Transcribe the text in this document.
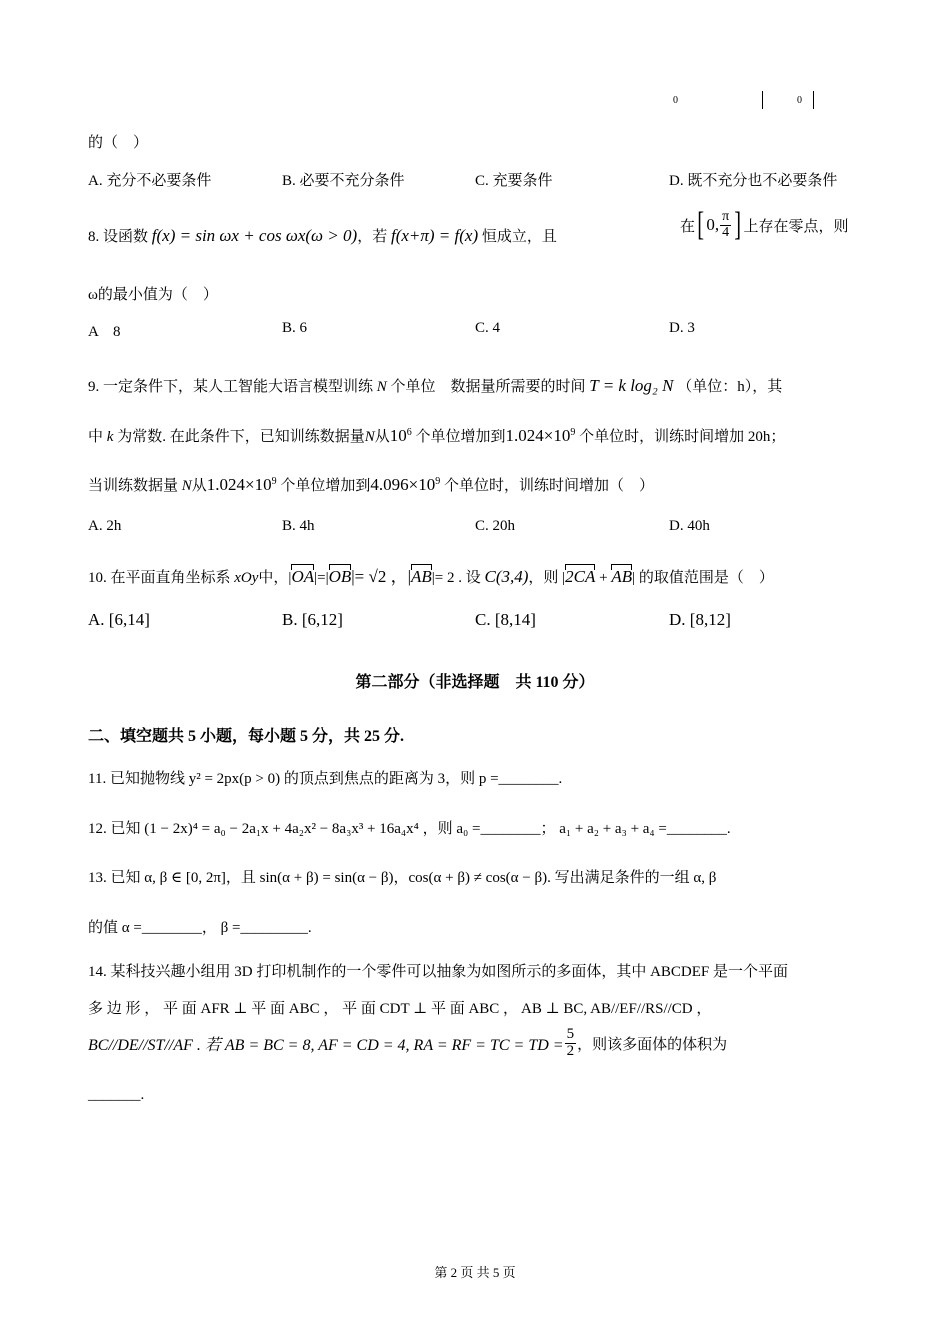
0	0
的（　）
A. 充分不必要条件	B. 必要不充分条件	C. 充要条件	D. 既不充分也不必要条件
8. 设函数 f(x) = sin ωx + cos ωx(ω > 0)，若 f(x+π) = f(x) 恒成立，且
在 [ 0, $\frac{\pi}{4}$ ] 上存在零点，则
ω的最小值为（　）
A　8	B. 6	C. 4	D. 3
9. 一定条件下，某人工智能大语言模型训练 N 个单位　数据量所需要的时间 T = k log₂ N （单位：h），其
中 k 为常数. 在此条件下，已知训练数据量N从$10^6$ 个单位增加到$1.024\times 10^9$ 个单位时，训练时间增加 20h；
当训练数据量 N从$1.024\times 10^9$ 个单位增加到$4.096\times 10^9$ 个单位时，训练时间增加（　）
A. 2h	B. 4h	C. 20h	D. 40h
10. 在平面直角坐标系 xOy中，|OA|=|OB|= √2 ，|AB|= 2 . 设 C(3,4)，则 |2CA + AB| 的取值范围是（　）
A. [6,14]	B. [6,12]	C. [8,14]	D. [8,12]
第二部分（非选择题　共 110 分）
二、填空题共 5 小题，每小题 5 分，共 25 分.
11. 已知抛物线 y² = 2px(p > 0) 的顶点到焦点的距离为 3，则 p =________.
12. 已知 (1 − 2x)⁴ = a₀ − 2a₁x + 4a₂x² − 8a₃x³ + 16a₄x⁴ ，则 a₀ =________； a₁ + a₂ + a₃ + a₄ =________.
13. 已知 α, β ∈ [0, 2π]，且 sin(α + β) = sin(α − β)，cos(α + β) ≠ cos(α − β). 写出满足条件的一组 α, β
的值 α =________， β =_________.
14. 某科技兴趣小组用 3D 打印机制作的一个零件可以抽象为如图所示的多面体，其中 ABCDEF 是一个平面
多 边 形 ， 平 面 AFR ⊥ 平 面 ABC ， 平 面 CDT ⊥ 平 面 ABC ， AB ⊥ BC, AB//EF//RS//CD ，
BC//DE//ST//AF . 若 AB = BC = 8, AF = CD = 4, RA = RF = TC = TD = $\frac{5}{2}$ ，则该多面体的体积为
_______.
第 2 页 共 5 页
